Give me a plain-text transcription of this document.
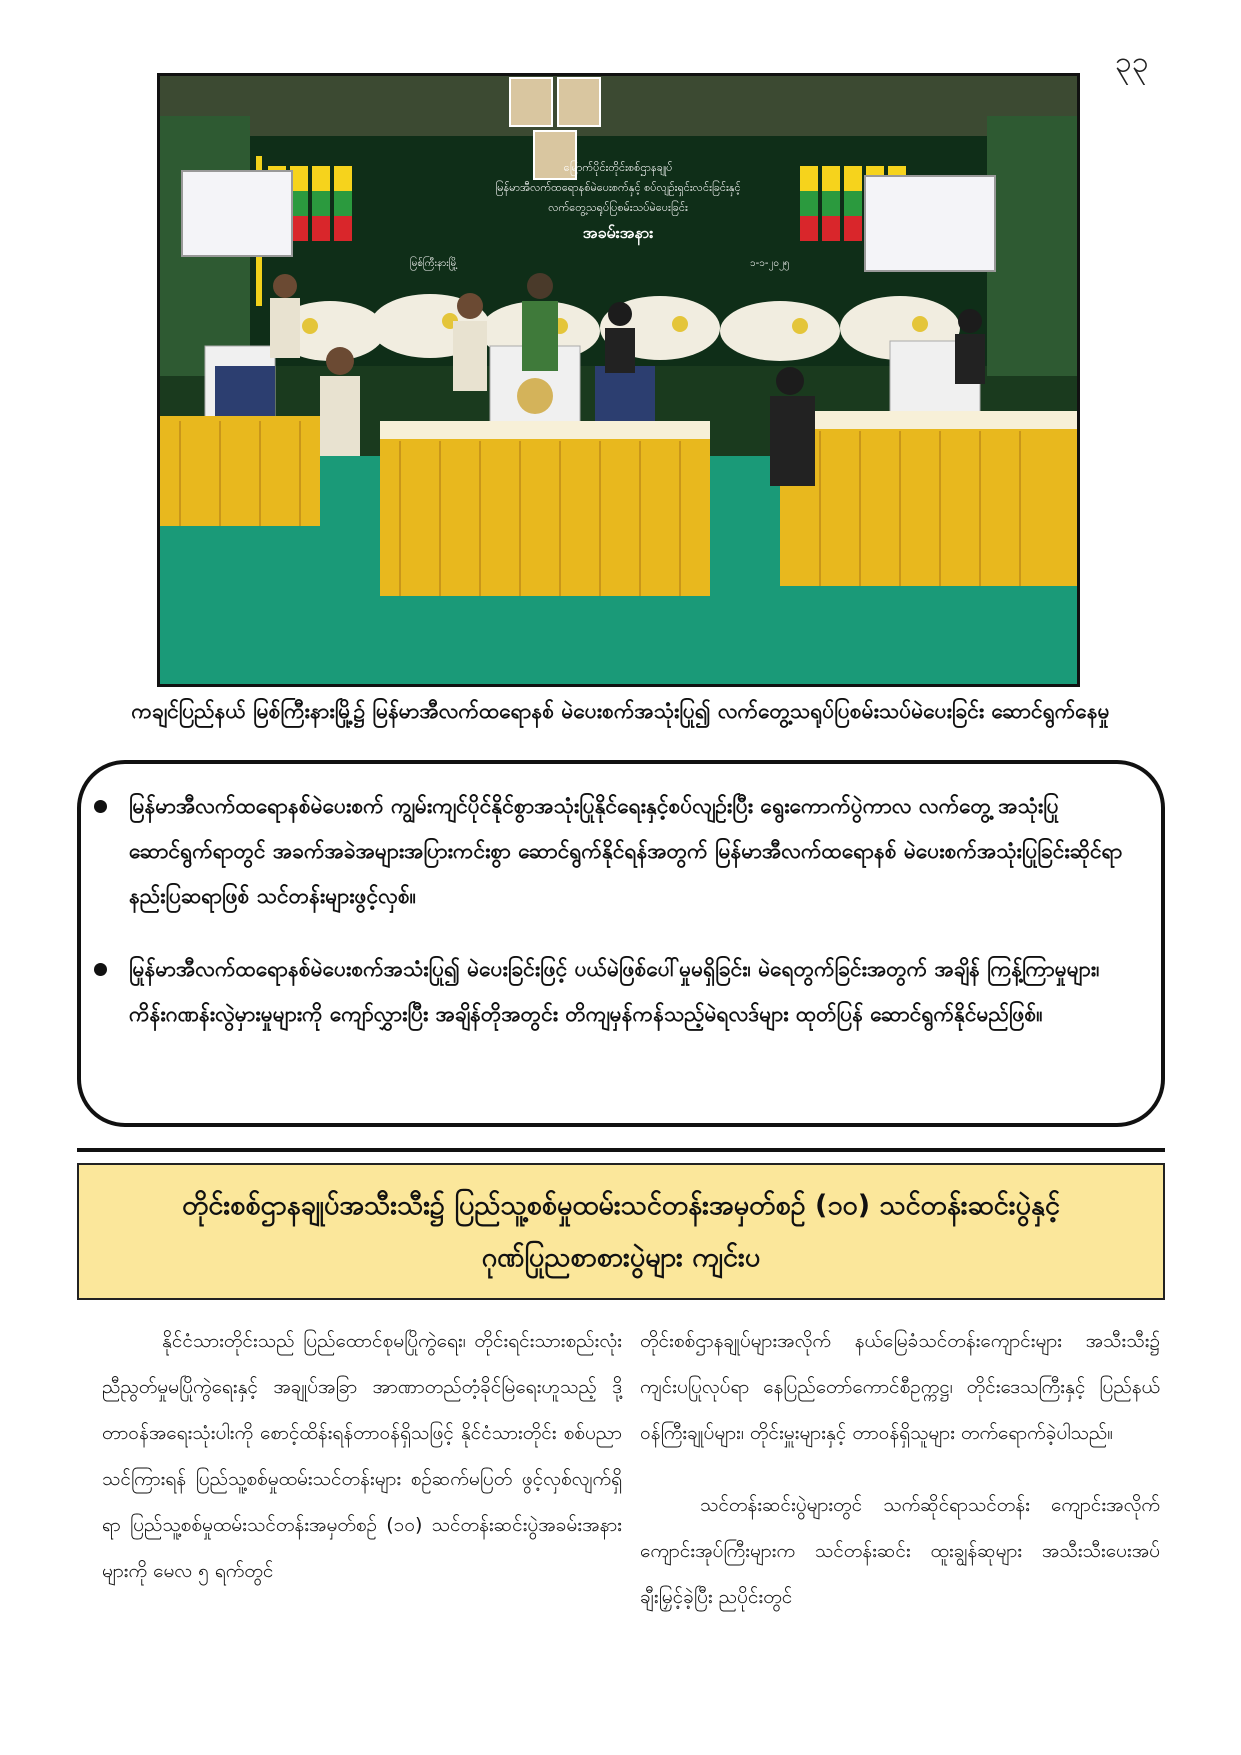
၃၃
မြောက်ပိုင်းတိုင်းစစ်ဌာနချုပ်
မြန်မာအီလက်ထရောနစ်မဲပေးစက်နှင့် စပ်လျဉ်းရှင်းလင်းခြင်းနှင့်
လက်တွေ့သရုပ်ပြစမ်းသပ်မဲပေးခြင်း
အခမ်းအနား
မြစ်ကြီးနားမြို့	၁-၁-၂၀၂၅
ကချင်ပြည်နယ် မြစ်ကြီးနားမြို့၌ မြန်မာအီလက်ထရောနစ် မဲပေးစက်အသုံးပြု၍ လက်တွေ့သရုပ်ပြစမ်းသပ်မဲပေးခြင်း ဆောင်ရွက်နေမှု
မြန်မာအီလက်ထရောနစ်မဲပေးစက် ကျွမ်းကျင်ပိုင်နိုင်စွာအသုံးပြုနိုင်ရေးနှင့်စပ်လျဉ်းပြီး ရွေးကောက်ပွဲကာလ လက်တွေ့ အသုံးပြုဆောင်ရွက်ရာတွင် အခက်အခဲအများအပြားကင်းစွာ ဆောင်ရွက်နိုင်ရန်အတွက် မြန်မာအီလက်ထရောနစ် မဲပေးစက်အသုံးပြုခြင်းဆိုင်ရာ နည်းပြဆရာဖြစ် သင်တန်းများဖွင့်လှစ်။
မြန်မာအီလက်ထရောနစ်မဲပေးစက်အသုံးပြု၍ မဲပေးခြင်းဖြင့် ပယ်မဲဖြစ်ပေါ်မှုမရှိခြင်း၊ မဲရေတွက်ခြင်းအတွက် အချိန် ကြန့်ကြာမှုများ၊ ကိန်းဂဏန်းလွဲမှားမှုများကို ကျော်လွှားပြီး အချိန်တိုအတွင်း တိကျမှန်ကန်သည့်မဲရလဒ်များ ထုတ်ပြန် ဆောင်ရွက်နိုင်မည်ဖြစ်။
တိုင်းစစ်ဌာနချုပ်အသီးသီး၌ ပြည်သူ့စစ်မှုထမ်းသင်တန်းအမှတ်စဉ် (၁၀) သင်တန်းဆင်းပွဲနှင့်
ဂုဏ်ပြုညစာစားပွဲများ ကျင်းပ

နိုင်ငံသားတိုင်းသည် ပြည်ထောင်စုမပြိုကွဲရေး၊ တိုင်းရင်းသားစည်းလုံးညီညွတ်မှုမပြိုကွဲရေးနှင့် အချုပ်အခြာ အာဏာတည်တံ့ခိုင်မြဲရေးဟူသည့် ဒို့တာဝန်အရေးသုံးပါးကို စောင့်ထိန်းရန်တာဝန်ရှိသဖြင့် နိုင်ငံသားတိုင်း စစ်ပညာ သင်ကြားရန် ပြည်သူ့စစ်မှုထမ်းသင်တန်းများ စဉ်ဆက်မပြတ် ဖွင့်လှစ်လျက်ရှိရာ ပြည်သူ့စစ်မှုထမ်းသင်တန်းအမှတ်စဉ် (၁၀) သင်တန်းဆင်းပွဲအခမ်းအနားများကို မေလ ၅ ရက်တွင်

တိုင်းစစ်ဌာနချုပ်များအလိုက် နယ်မြေခံသင်တန်းကျောင်းများ အသီးသီး၌ ကျင်းပပြုလုပ်ရာ နေပြည်တော်ကောင်စီဥက္ကဋ္ဌ၊ တိုင်းဒေသကြီးနှင့် ပြည်နယ်ဝန်ကြီးချုပ်များ၊ တိုင်းမှူးများနှင့် တာဝန်ရှိသူများ တက်ရောက်ခဲ့ပါသည်။

သင်တန်းဆင်းပွဲများတွင် သက်ဆိုင်ရာသင်တန်း ကျောင်းအလိုက် ကျောင်းအုပ်ကြီးများက သင်တန်းဆင်း ထူးချွန်ဆုများ အသီးသီးပေးအပ်ချီးမြှင့်ခဲ့ပြီး ညပိုင်းတွင်
